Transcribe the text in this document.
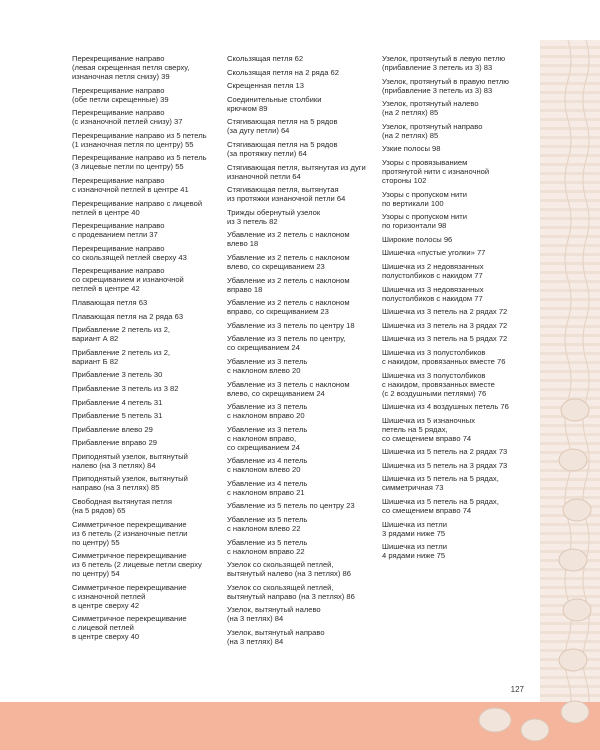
Перекрещивание направо
(левая скрещенная петля сверху,
изнаночная петля снизу) 39
Перекрещивание направо
(обе петли скрещенные) 39
Перекрещивание направо
(с изнаночной петлей снизу) 37
Перекрещивание направо из 5 петель
(1 изнаночная петля по центру) 55
Перекрещивание направо из 5 петель
(3 лицевые петли по центру) 55
Перекрещивание направо
с изнаночной петлей в центре 41
Перекрещивание направо с лицевой
петлей в центре 40
Перекрещивание направо
с продеванием петли 37
Перекрещивание направо
со скользящей петлей сверху 43
Перекрещивание направо
со скрещиванием и изнаночной
петлей в центре 42
Плавающая петля 63
Плавающая петля на 2 ряда 63
Прибавление 2 петель из 2,
вариант А 82
Прибавление 2 петель из 2,
вариант Б 82
Прибавление 3 петель 30
Прибавление 3 петель из 3 82
Прибавление 4 петель 31
Прибавление 5 петель 31
Прибавление влево 29
Прибавление вправо 29
Приподнятый узелок, вытянутый
налево (на 3 петлях) 84
Приподнятый узелок, вытянутый
направо (на 3 петлях) 85
Свободная вытянутая петля
(на 5 рядов) 65
Симметричное перекрещивание
из 6 петель (2 изнаночные петли
по центру) 55
Симметричное перекрещивание
из 6 петель (2 лицевые петли сверху
по центру) 54
Симметричное перекрещивание
с изнаночной петлей
в центре сверху 42
Симметричное перекрещивание
с лицевой петлей
в центре сверху 40
Скользящая петля 62
Скользящая петля на 2 ряда 62
Скрещенная петля 13
Соединительные столбики
крючком 89
Стягивающая петля на 5 рядов
(за дугу петли) 64
Стягивающая петля на 5 рядов
(за протяжку петли) 64
Стягивающая петля, вытянутая из дуги
изнаночной петли 64
Стягивающая петля, вытянутая
из протяжки изнаночной петли 64
Трижды обернутый узелок
из 3 петель 82
Убавление из 2 петель с наклоном
влево 18
Убавление из 2 петель с наклоном
влево, со скрещиванием 23
Убавление из 2 петель с наклоном
вправо 18
Убавление из 2 петель с наклоном
вправо, со скрещиванием 23
Убавление из 3 петель по центру 18
Убавление из 3 петель по центру,
со скрещиванием 24
Убавление из 3 петель
с наклоном влево 20
Убавление из 3 петель с наклоном
влево, со скрещиванием 24
Убавление из 3 петель
с наклоном вправо 20
Убавление из 3 петель
с наклоном вправо,
со скрещиванием 24
Убавление из 4 петель
с наклоном влево 20
Убавление из 4 петель
с наклоном вправо 21
Убавление из 5 петель по центру 23
Убавление из 5 петель
с наклоном влево 22
Убавление из 5 петель
с наклоном вправо 22
Узелок со скользящей петлей,
вытянутый налево (на 3 петлях) 86
Узелок со скользящей петлей,
вытянутый направо (на 3 петлях) 86
Узелок, вытянутый налево
(на 3 петлях) 84
Узелок, вытянутый направо
(на 3 петлях) 84
Узелок, протянутый в левую петлю
(прибавление 3 петель из 3) 83
Узелок, протянутый в правую петлю
(прибавление 3 петель из 3) 83
Узелок, протянутый налево
(на 2 петлях) 85
Узелок, протянутый направо
(на 2 петлях) 85
Узкие полосы 98
Узоры с провязыванием
протянутой нити с изнаночной
стороны 102
Узоры с пропуском нити
по вертикали 100
Узоры с пропуском нити
по горизонтали 98
Широкие полосы 96
Шишечка «пустые уголки» 77
Шишечка из 2 недовязанных
полустолбиков с накидом 77
Шишечка из 3 недовязанных
полустолбиков с накидом 77
Шишечка из 3 петель на 2 рядах 72
Шишечка из 3 петель на 3 рядах 72
Шишечка из 3 петель на 5 рядах 72
Шишечка из 3 полустолбиков
с накидом, провязанных вместе 76
Шишечка из 3 полустолбиков
с накидом, провязанных вместе
(с 2 воздушными петлями) 76
Шишечка из 4 воздушных петель 76
Шишечка из 5 изнаночных
петель на 5 рядах,
со смещением вправо 74
Шишечка из 5 петель на 2 рядах 73
Шишечка из 5 петель на 3 рядах 73
Шишечка из 5 петель на 5 рядах,
симметричная 73
Шишечка из 5 петель на 5 рядах,
со смещением вправо 74
Шишечка из петли
3 рядами ниже 75
Шишечка из петли
4 рядами ниже 75
127
